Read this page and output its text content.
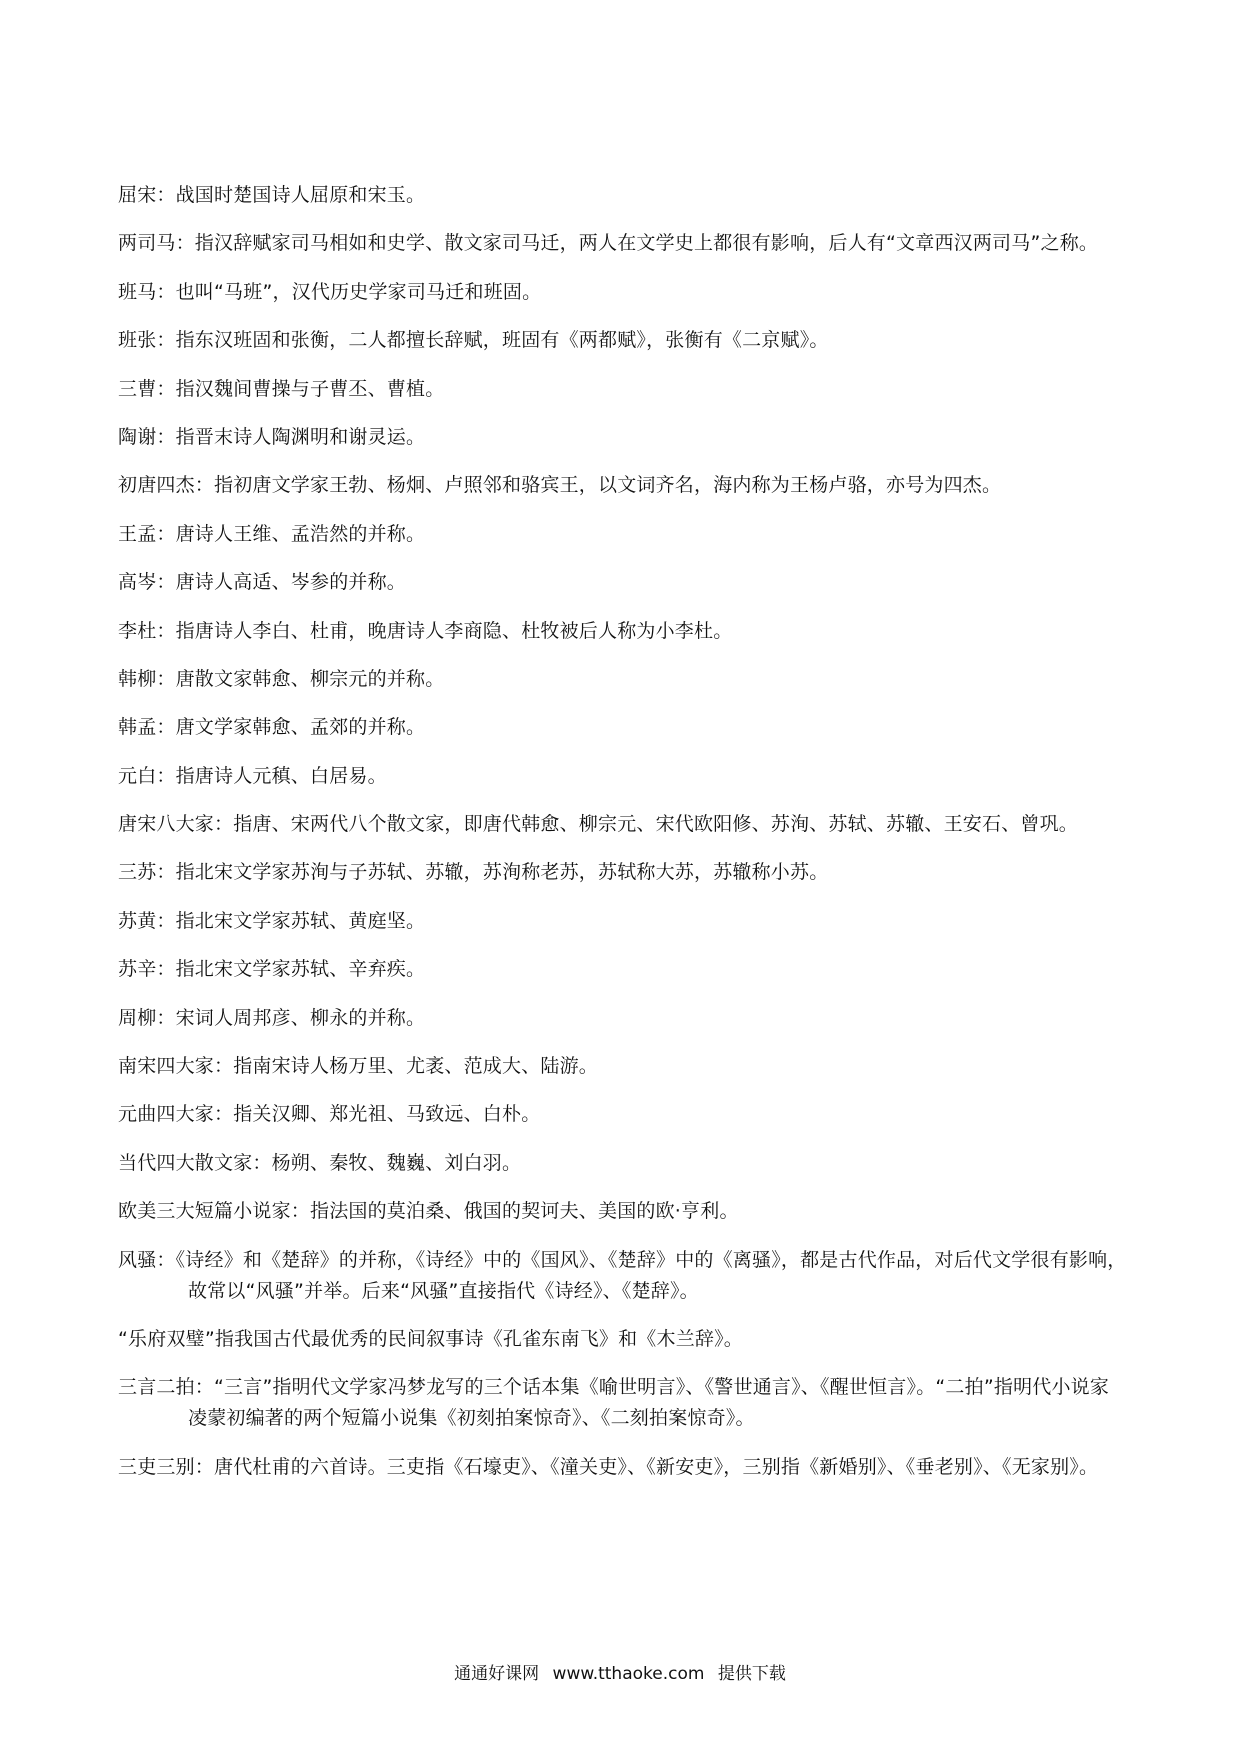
屈宋：战国时楚国诗人屈原和宋玉。
两司马：指汉辞赋家司马相如和史学、散文家司马迁，两人在文学史上都很有影响，后人有“文章西汉两司马”之称。
班马：也叫“马班”，汉代历史学家司马迁和班固。
班张：指东汉班固和张衡，二人都擅长辞赋，班固有《两都赋》，张衡有《二京赋》。
三曹：指汉魏间曹操与子曹丕、曹植。
陶谢：指晋末诗人陶渊明和谢灵运。
初唐四杰：指初唐文学家王勃、杨炯、卢照邻和骆宾王，以文词齐名，海内称为王杨卢骆，亦号为四杰。
王孟：唐诗人王维、孟浩然的并称。
高岑：唐诗人高适、岑参的并称。
李杜：指唐诗人李白、杜甫，晚唐诗人李商隐、杜牧被后人称为小李杜。
韩柳：唐散文家韩愈、柳宗元的并称。
韩孟：唐文学家韩愈、孟郊的并称。
元白：指唐诗人元稹、白居易。
唐宋八大家：指唐、宋两代八个散文家，即唐代韩愈、柳宗元、宋代欧阳修、苏洵、苏轼、苏辙、王安石、曾巩。
三苏：指北宋文学家苏洵与子苏轼、苏辙，苏洵称老苏，苏轼称大苏，苏辙称小苏。
苏黄：指北宋文学家苏轼、黄庭坚。
苏辛：指北宋文学家苏轼、辛弃疾。
周柳：宋词人周邦彦、柳永的并称。
南宋四大家：指南宋诗人杨万里、尤袤、范成大、陆游。
元曲四大家：指关汉卿、郑光祖、马致远、白朴。
当代四大散文家：杨朔、秦牧、魏巍、刘白羽。
欧美三大短篇小说家：指法国的莫泊桑、俄国的契诃夫、美国的欧·亨利。
风骚：《诗经》和《楚辞》的并称，《诗经》中的《国风》、《楚辞》中的《离骚》，都是古代作品，对后代文学很有影响，故常以“风骚”并举。后来“风骚”直接指代《诗经》、《楚辞》。
“乐府双璧”指我国古代最优秀的民间叙事诗《孔雀东南飞》和《木兰辞》。
三言二拍：“三言”指明代文学家冯梦龙写的三个话本集《喻世明言》、《警世通言》、《醒世恒言》。“二拍”指明代小说家凌蒙初编著的两个短篇小说集《初刻拍案惊奇》、《二刻拍案惊奇》。
三吏三别：唐代杜甫的六首诗。三吏指《石壕吏》、《潼关吏》、《新安吏》，三别指《新婚别》、《垂老别》、《无家别》。
通通好课网 www.tthaoke.com 提供下载
